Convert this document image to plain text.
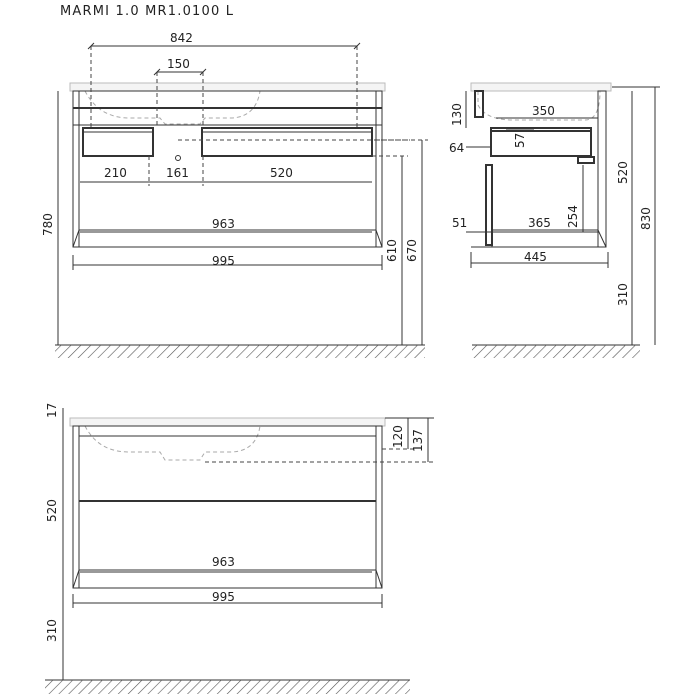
MARMI 1.0 MR1.0100 L
842
150
210	161	520
963
995
780
610 670
130	350
64	57
254
51	365
445
520
310
830
17
520
963
995
120 137
310
